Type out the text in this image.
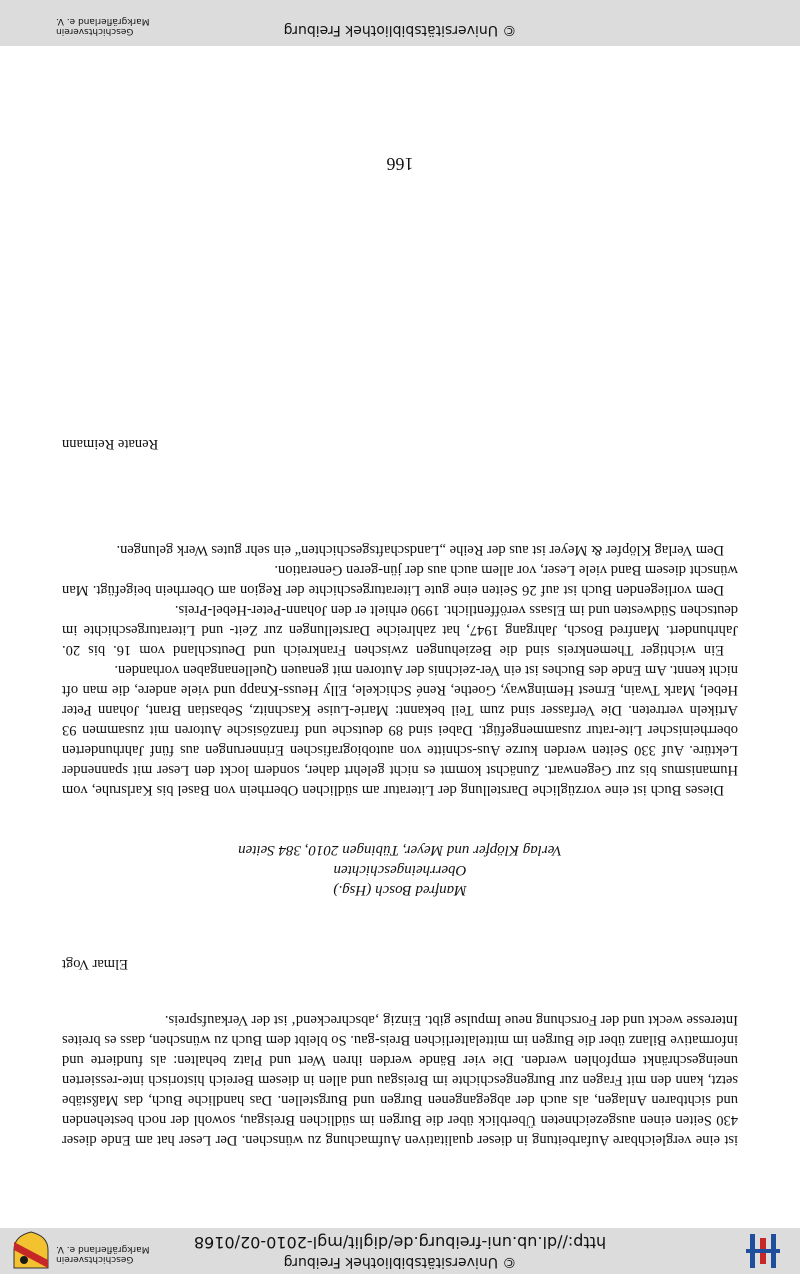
© Universitätsbibliothek Freiburg
http://dl.ub.uni-freiburg.de/diglit/mgl-2010-02/0168
Geschichtsverein Markgräflerland e. V.
166

ist eine vergleichbare Aufarbeitung in dieser qualitativen Aufmachung zu wünschen. Der Leser hat am Ende dieser 430 Seiten einen ausgezeichneten Überblick über die Burgen im südlichen Breisgau, sowohl der noch bestehenden und sichtbaren Anlagen, als auch der abgegangenen Burgen und Burgstellen. Das handliche Buch, das Maßstäbe setzt, kann den mit Fragen zur Burgengeschichte im Breisgau und allen in diesem Bereich historisch inte-ressierten uneingeschränkt empfohlen werden. Die vier Bände werden ihren Wert und Platz behalten: als fundierte und informative Bilanz über die Burgen im mittelalterlichen Breis-gau. So bleibt dem Buch zu wünschen, dass es breites Interesse weckt und der Forschung neue Impulse gibt. Einzig ‚abschreckend‘ ist der Verkaufspreis.

Elmar Vogt
Manfred Bosch (Hsg.)
Oberrheingeschichten
Verlag Klöpfer und Meyer, Tübingen 2010, 384 Seiten

Dieses Buch ist eine vorzügliche Darstellung der Literatur am südlichen Oberrhein von Basel bis Karlsruhe, vom Humanismus bis zur Gegenwart. Zunächst kommt es nicht gelehrt daher, sondern lockt den Leser mit spannender Lektüre. Auf 330 Seiten werden kurze Aus-schnitte von autobiografischen Erinnerungen aus fünf Jahrhunderten oberrheinischer Lite-ratur zusammengefügt. Dabei sind 89 deutsche und französische Autoren mit zusammen 93 Artikeln vertreten. Die Verfasser sind zum Teil bekannt: Marie-Luise Kaschnitz, Sebastian Brant, Johann Peter Hebel, Mark Twain, Ernest Hemingway, Goethe, René Schickele, Elly Heuss-Knapp und viele andere, die man oft nicht kennt. Am Ende des Buches ist ein Ver-zeichnis der Autoren mit genauen Quellenangaben vorhanden.

Ein wichtiger Themenkreis sind die Beziehungen zwischen Frankreich und Deutschland vom 16. bis 20. Jahrhundert. Manfred Bosch, Jahrgang 1947, hat zahlreiche Darstellungen zur Zeit- und Literaturgeschichte im deutschen Südwesten und im Elsass veröffentlicht. 1990 erhielt er den Johann-Peter-Hebel-Preis.

Dem vorliegenden Buch ist auf 26 Seiten eine gute Literaturgeschichte der Region am Oberrhein beigefügt. Man wünscht diesem Band viele Leser, vor allem auch aus der jün-geren Generation.

Dem Verlag Klöpfer & Meyer ist aus der Reihe „Landschaftsgeschichten“ ein sehr gutes Werk gelungen.

Renate Reimann
© Universitätsbibliothek Freiburg
Geschichtsverein Markgräflerland e. V.
